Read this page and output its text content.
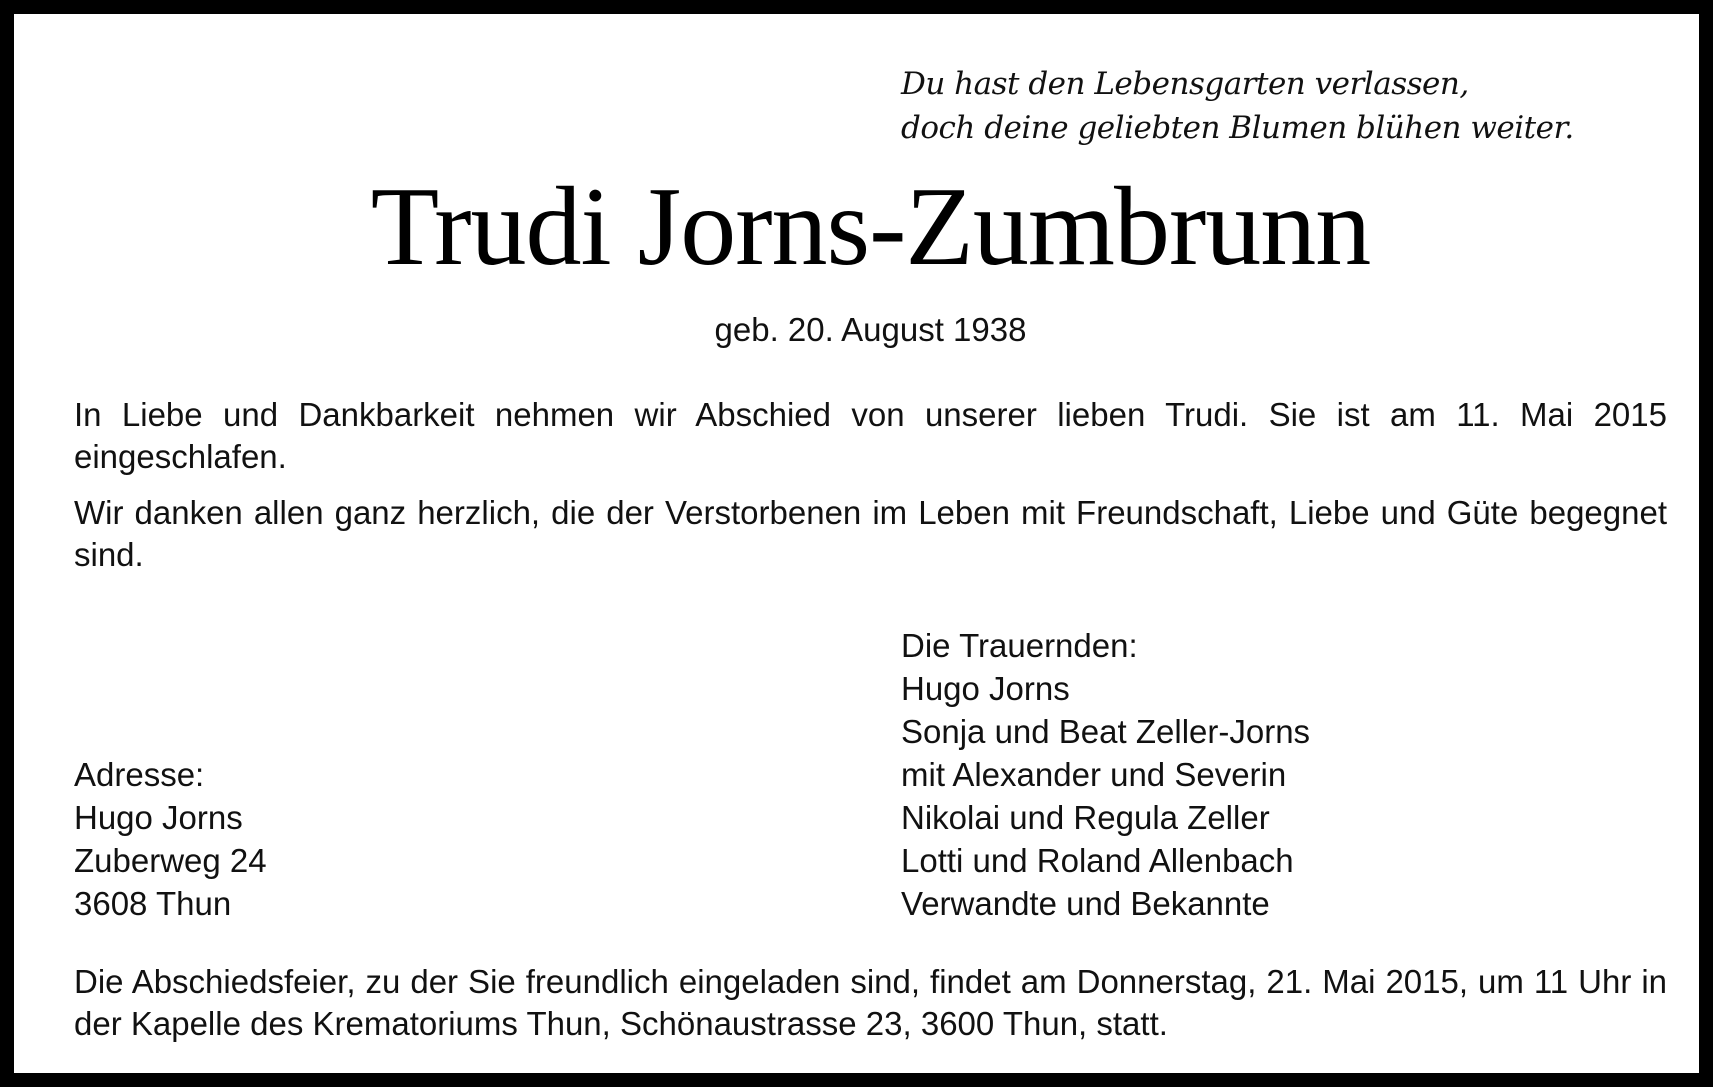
Du hast den Lebensgarten verlassen,
doch deine geliebten Blumen blühen weiter.
Trudi Jorns-Zumbrunn
geb. 20. August 1938
In Liebe und Dankbarkeit nehmen wir Abschied von unserer lieben Trudi. Sie ist am 11. Mai 2015 eingeschlafen.
Wir danken allen ganz herzlich, die der Verstorbenen im Leben mit Freundschaft, Liebe und Güte begegnet sind.
Die Trauernden:
Hugo Jorns
Sonja und Beat Zeller-Jorns
mit Alexander und Severin
Nikolai und Regula Zeller
Lotti und Roland Allenbach
Verwandte und Bekannte
Adresse:
Hugo Jorns
Zuberweg 24
3608 Thun
Die Abschiedsfeier, zu der Sie freundlich eingeladen sind, findet am Donnerstag, 21. Mai 2015, um 11 Uhr in der Kapelle des Krematoriums Thun, Schönaustrasse 23, 3600 Thun, statt.
